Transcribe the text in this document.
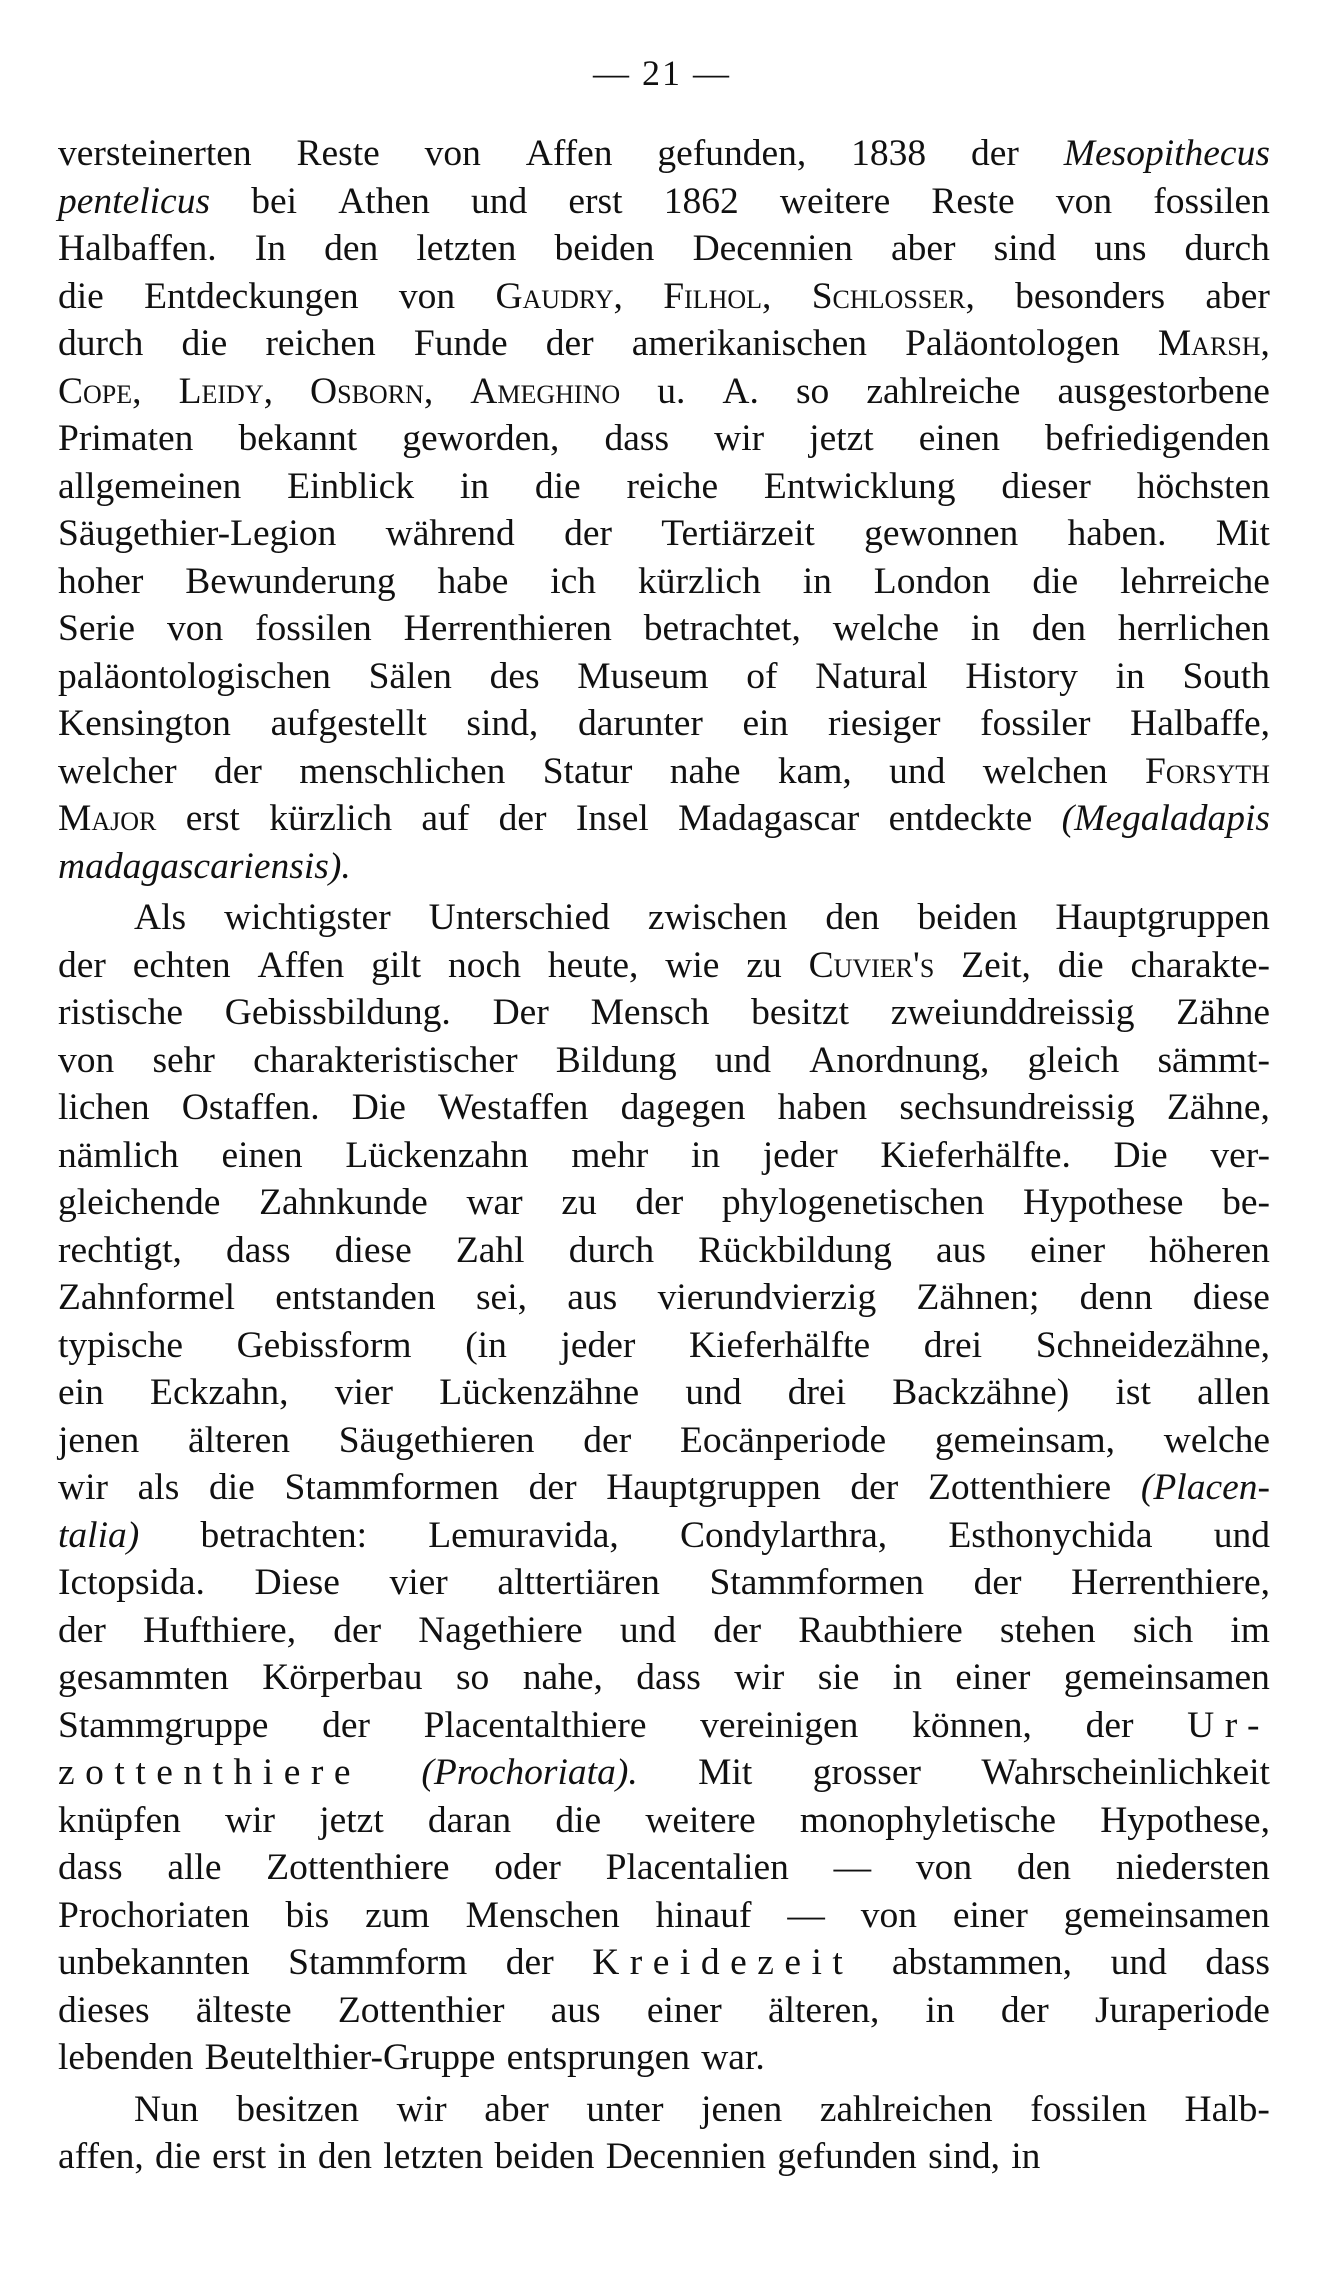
— 21 —
versteinerten Reste von Affen gefunden, 1838 der Mesopithecus
pentelicus bei Athen und erst 1862 weitere Reste von fossilen
Halbaffen. In den letzten beiden Decennien aber sind uns durch
die Entdeckungen von Gaudry, Filhol, Schlosser, besonders aber
durch die reichen Funde der amerikanischen Paläontologen Marsh,
Cope, Leidy, Osborn, Ameghino u. A. so zahlreiche ausgestorbene
Primaten bekannt geworden, dass wir jetzt einen befriedigenden
allgemeinen Einblick in die reiche Entwicklung dieser höchsten
Säugethier-Legion während der Tertiärzeit gewonnen haben. Mit
hoher Bewunderung habe ich kürzlich in London die lehrreiche
Serie von fossilen Herrenthieren betrachtet, welche in den herrlichen
paläontologischen Sälen des Museum of Natural History in South
Kensington aufgestellt sind, darunter ein riesiger fossiler Halbaffe,
welcher der menschlichen Statur nahe kam, und welchen Forsyth
Major erst kürzlich auf der Insel Madagascar entdeckte (Megaladapis
madagascariensis).
Als wichtigster Unterschied zwischen den beiden Hauptgruppen
der echten Affen gilt noch heute, wie zu Cuvier's Zeit, die charakte-
ristische Gebissbildung. Der Mensch besitzt zweiunddreissig Zähne
von sehr charakteristischer Bildung und Anordnung, gleich sämmt-
lichen Ostaffen. Die Westaffen dagegen haben sechsundreissig Zähne,
nämlich einen Lückenzahn mehr in jeder Kieferhälfte. Die ver-
gleichende Zahnkunde war zu der phylogenetischen Hypothese be-
rechtigt, dass diese Zahl durch Rückbildung aus einer höheren
Zahnformel entstanden sei, aus vierundvierzig Zähnen; denn diese
typische Gebissform (in jeder Kieferhälfte drei Schneidezähne,
ein Eckzahn, vier Lückenzähne und drei Backzähne) ist allen
jenen älteren Säugethieren der Eocänperiode gemeinsam, welche
wir als die Stammformen der Hauptgruppen der Zottenthiere (Placen-
talia) betrachten: Lemuravida, Condylarthra, Esthonychida und
Ictopsida. Diese vier alttertiären Stammformen der Herrenthiere,
der Hufthiere, der Nagethiere und der Raubthiere stehen sich im
gesammten Körperbau so nahe, dass wir sie in einer gemeinsamen
Stammgruppe der Placentalthiere vereinigen können, der Ur-
zottenthiere (Prochoriata). Mit grosser Wahrscheinlichkeit
knüpfen wir jetzt daran die weitere monophyletische Hypothese,
dass alle Zottenthiere oder Placentalien — von den niedersten
Prochoriaten bis zum Menschen hinauf — von einer gemeinsamen
unbekannten Stammform der Kreidezeit abstammen, und dass
dieses älteste Zottenthier aus einer älteren, in der Juraperiode
lebenden Beutelthier-Gruppe entsprungen war.
Nun besitzen wir aber unter jenen zahlreichen fossilen Halb-
affen, die erst in den letzten beiden Decennien gefunden sind, in
